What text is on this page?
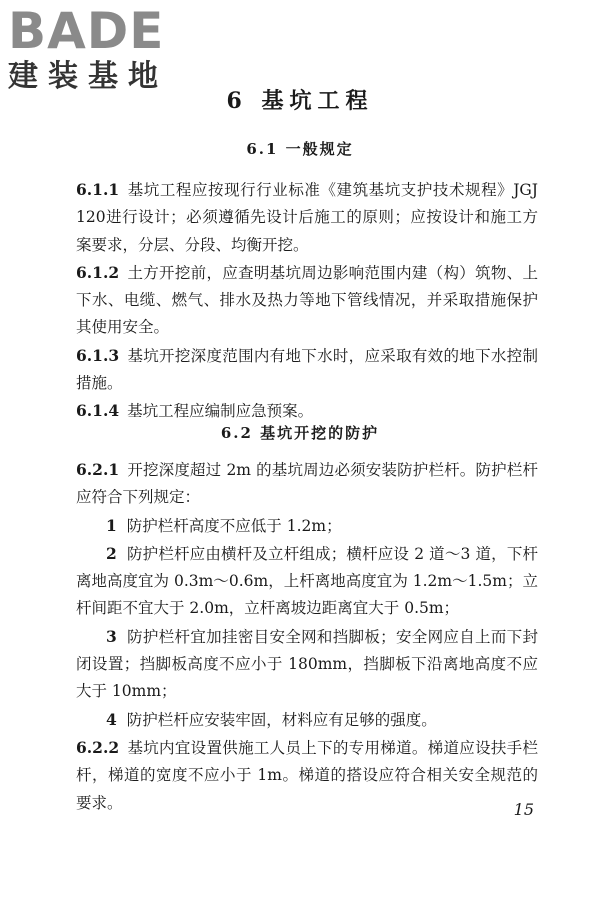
BADE
建装基地
6 基坑工程
6.1 一般规定

6.1.1 基坑工程应按现行行业标准《建筑基坑支护技术规程》JGJ 120进行设计；必须遵循先设计后施工的原则；应按设计和施工方案要求，分层、分段、均衡开挖。

6.1.2 土方开挖前，应查明基坑周边影响范围内建（构）筑物、上下水、电缆、燃气、排水及热力等地下管线情况，并采取措施保护其使用安全。

6.1.3 基坑开挖深度范围内有地下水时，应采取有效的地下水控制措施。

6.1.4 基坑工程应编制应急预案。

6.2 基坑开挖的防护

6.2.1 开挖深度超过 2m 的基坑周边必须安装防护栏杆。防护栏杆应符合下列规定：

1 防护栏杆高度不应低于 1.2m；

2 防护栏杆应由横杆及立杆组成；横杆应设 2 道～3 道，下杆离地高度宜为 0.3m～0.6m，上杆离地高度宜为 1.2m～1.5m；立杆间距不宜大于 2.0m，立杆离坡边距离宜大于 0.5m；

3 防护栏杆宜加挂密目安全网和挡脚板；安全网应自上而下封闭设置；挡脚板高度不应小于 180mm，挡脚板下沿离地高度不应大于 10mm；

4 防护栏杆应安装牢固，材料应有足够的强度。

6.2.2 基坑内宜设置供施工人员上下的专用梯道。梯道应设扶手栏杆，梯道的宽度不应小于 1m。梯道的搭设应符合相关安全规范的要求。	15
